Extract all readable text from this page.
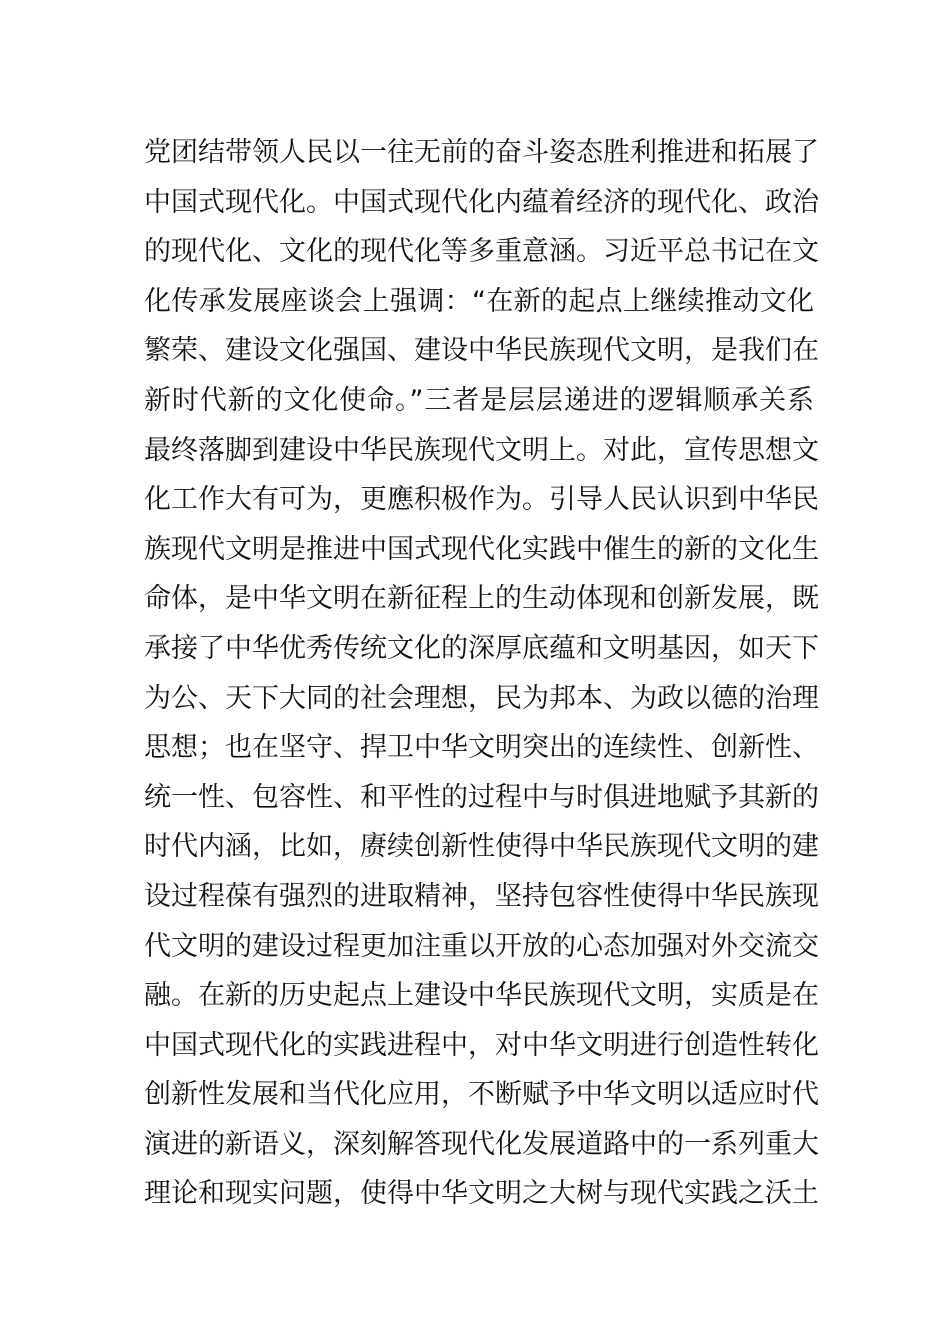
党团结带领人民以一往无前的奋斗姿态胜利推进和拓展了
中国式现代化。中国式现代化内蕴着经济的现代化、政治
的现代化、文化的现代化等多重意涵。习近平总书记在文
化传承发展座谈会上强调：“在新的起点上继续推动文化
繁荣、建设文化强国、建设中华民族现代文明，是我们在
新时代新的文化使命。”三者是层层递进的逻辑顺承关系
最终落脚到建设中华民族现代文明上。对此，宣传思想文
化工作大有可为，更應积极作为。引导人民认识到中华民
族现代文明是推进中国式现代化实践中催生的新的文化生
命体，是中华文明在新征程上的生动体现和创新发展，既
承接了中华优秀传统文化的深厚底蕴和文明基因，如天下
为公、天下大同的社会理想，民为邦本、为政以德的治理
思想；也在坚守、捍卫中华文明突出的连续性、创新性、
统一性、包容性、和平性的过程中与时俱进地赋予其新的
时代内涵，比如，赓续创新性使得中华民族现代文明的建
设过程葆有强烈的进取精神，坚持包容性使得中华民族现
代文明的建设过程更加注重以开放的心态加强对外交流交
融。在新的历史起点上建设中华民族现代文明，实质是在
中国式现代化的实践进程中，对中华文明进行创造性转化
创新性发展和当代化应用，不断赋予中华文明以适应时代
演进的新语义，深刻解答现代化发展道路中的一系列重大
理论和现实问题，使得中华文明之大树与现代实践之沃土
